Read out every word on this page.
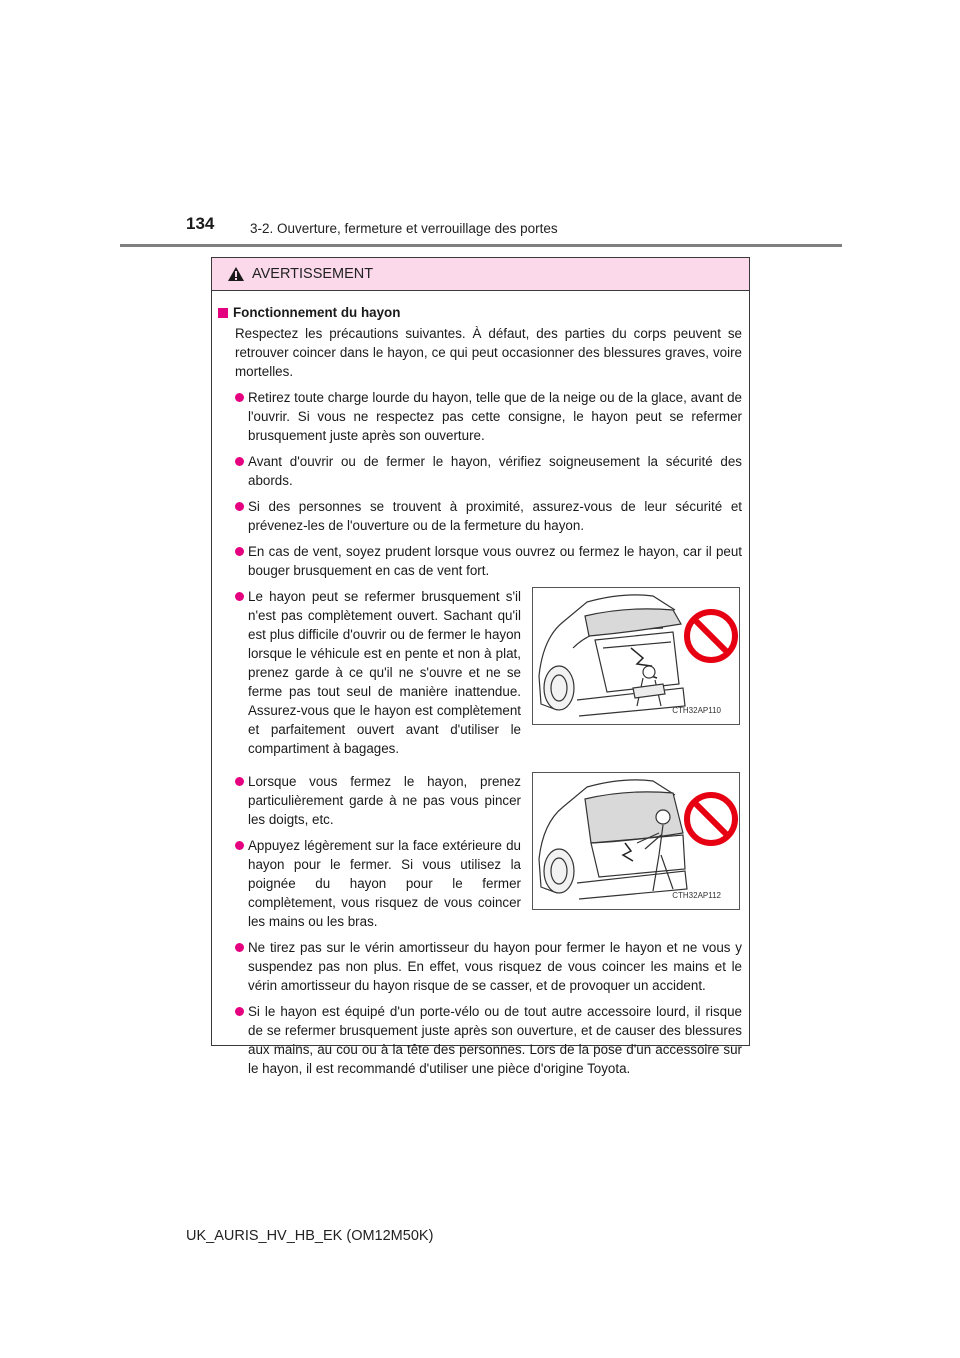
134	3-2. Ouverture, fermeture et verrouillage des portes
AVERTISSEMENT
Fonctionnement du hayon
Respectez les précautions suivantes. À défaut, des parties du corps peuvent se retrouver coincer dans le hayon, ce qui peut occasionner des blessures graves, voire mortelles.
Retirez toute charge lourde du hayon, telle que de la neige ou de la glace, avant de l'ouvrir. Si vous ne respectez pas cette consigne, le hayon peut se refermer brusquement juste après son ouverture.
Avant d'ouvrir ou de fermer le hayon, vérifiez soigneusement la sécurité des abords.
Si des personnes se trouvent à proximité, assurez-vous de leur sécurité et prévenez-les de l'ouverture ou de la fermeture du hayon.
En cas de vent, soyez prudent lorsque vous ouvrez ou fermez le hayon, car il peut bouger brusquement en cas de vent fort.
Le hayon peut se refermer brusquement s'il n'est pas complètement ouvert. Sachant qu'il est plus difficile d'ouvrir ou de fermer le hayon lorsque le véhicule est en pente et non à plat, prenez garde à ce qu'il ne s'ouvre et ne se ferme pas tout seul de manière inattendue. Assurez-vous que le hayon est complètement et parfaitement ouvert avant d'utiliser le compartiment à bagages.
CTH32AP110
Lorsque vous fermez le hayon, prenez particulièrement garde à ne pas vous pincer les doigts, etc.
Appuyez légèrement sur la face extérieure du hayon pour le fermer. Si vous utilisez la poignée du hayon pour le fermer complètement, vous risquez de vous coincer les mains ou les bras.
CTH32AP112
Ne tirez pas sur le vérin amortisseur du hayon pour fermer le hayon et ne vous y suspendez pas non plus. En effet, vous risquez de vous coincer les mains et le vérin amortisseur du hayon risque de se casser, et de provoquer un accident.
Si le hayon est équipé d'un porte-vélo ou de tout autre accessoire lourd, il risque de se refermer brusquement juste après son ouverture, et de causer des blessures aux mains, au cou ou à la tête des personnes. Lors de la pose d'un accessoire sur le hayon, il est recommandé d'utiliser une pièce d'origine Toyota.
UK_AURIS_HV_HB_EK (OM12M50K)
